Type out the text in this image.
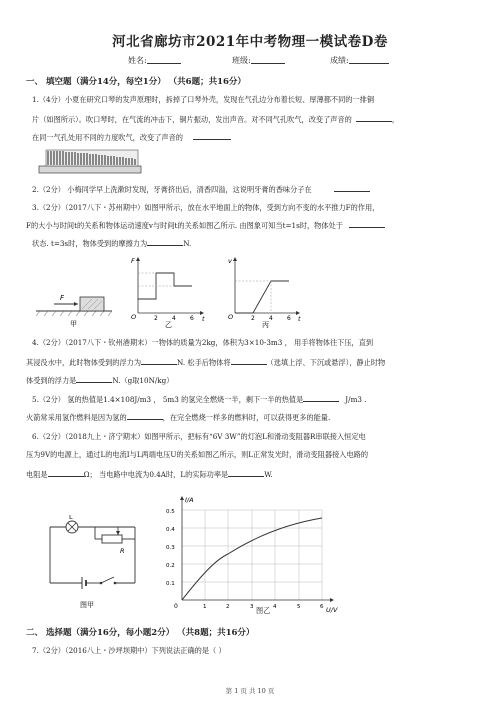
河北省廊坊市2021年中考物理一模试卷D卷
姓名:	班级:	成绩:
一、 填空题（满分14分，每空1分） （共6题；共16分）
1.（4分）小夏在研究口琴的发声原理时，拆掉了口琴外壳，发现在气孔边分布着长短、厚薄都不同的一排铜
片（如图所示）。吹口琴时，在气流的冲击下，铜片振动，发出声音。对不同气孔吹气，改变了声音的	，
在同一气孔处用不同的力度吹气，改变了声音的
2.（2分） 小梅同学早上洗漱时发现，牙膏挤出后，清香四溢，这说明牙膏的香味分子在
3.（2分）（2017八下・苏州期中）如图甲所示，放在水平地面上的物体，受到方向不变的水平推力F的作用，
F的大小与时间t的关系和物体运动速度v与时间t的关系如图乙所示. 由图象可知当t=1s时，物体处于
状态. t=3s时，物体受到的摩擦力为	N.
F
甲
F
O	t
2 4 6
乙
v
O	t
2 4 6
丙
4.（2分）（2017八下・钦州港期末）一物体的质量为2kg，体积为3×10-3m3 ， 用手将物体往下压，直到
其浸没水中，此时物体受到的浮力为	N. 松手后物体将	（选填上浮、下沉或悬浮），静止时物
体受到的浮力是	N.（g取10N/kg）
5.（2分） 氢的热值是1.4×108J/m3 ， 5m3 的氢完全燃烧一半，剩下一半的热值是	J/m3 .
火箭常采用氢作燃料是因为氢的	，在完全燃烧一样多的燃料时，可以获得更多的能量.
6.（2分）（2018九上・济宁期末）如图甲所示，把标有“6V 3W”的灯泡L和滑动变阻器R串联接入恒定电
压为9V的电源上，通过L的电流I与L两端电压U的关系如图乙所示，则L正常发光时，滑动变阻器接入电路的
电阻是	Ω； 当电路中电流为0.4A时，L的实际功率是	W.
L
R
图甲
I/A
U/V
0
0.1
0.2
0.3
0.4
0.5
1	2	3	4	5	6
图乙
二、 选择题（满分16分，每小题2分） （共8题；共16分）
7.（2分）（2016八上・沙坪坝期中）下列说法正确的是（ ）
第 1 页 共 10 页
